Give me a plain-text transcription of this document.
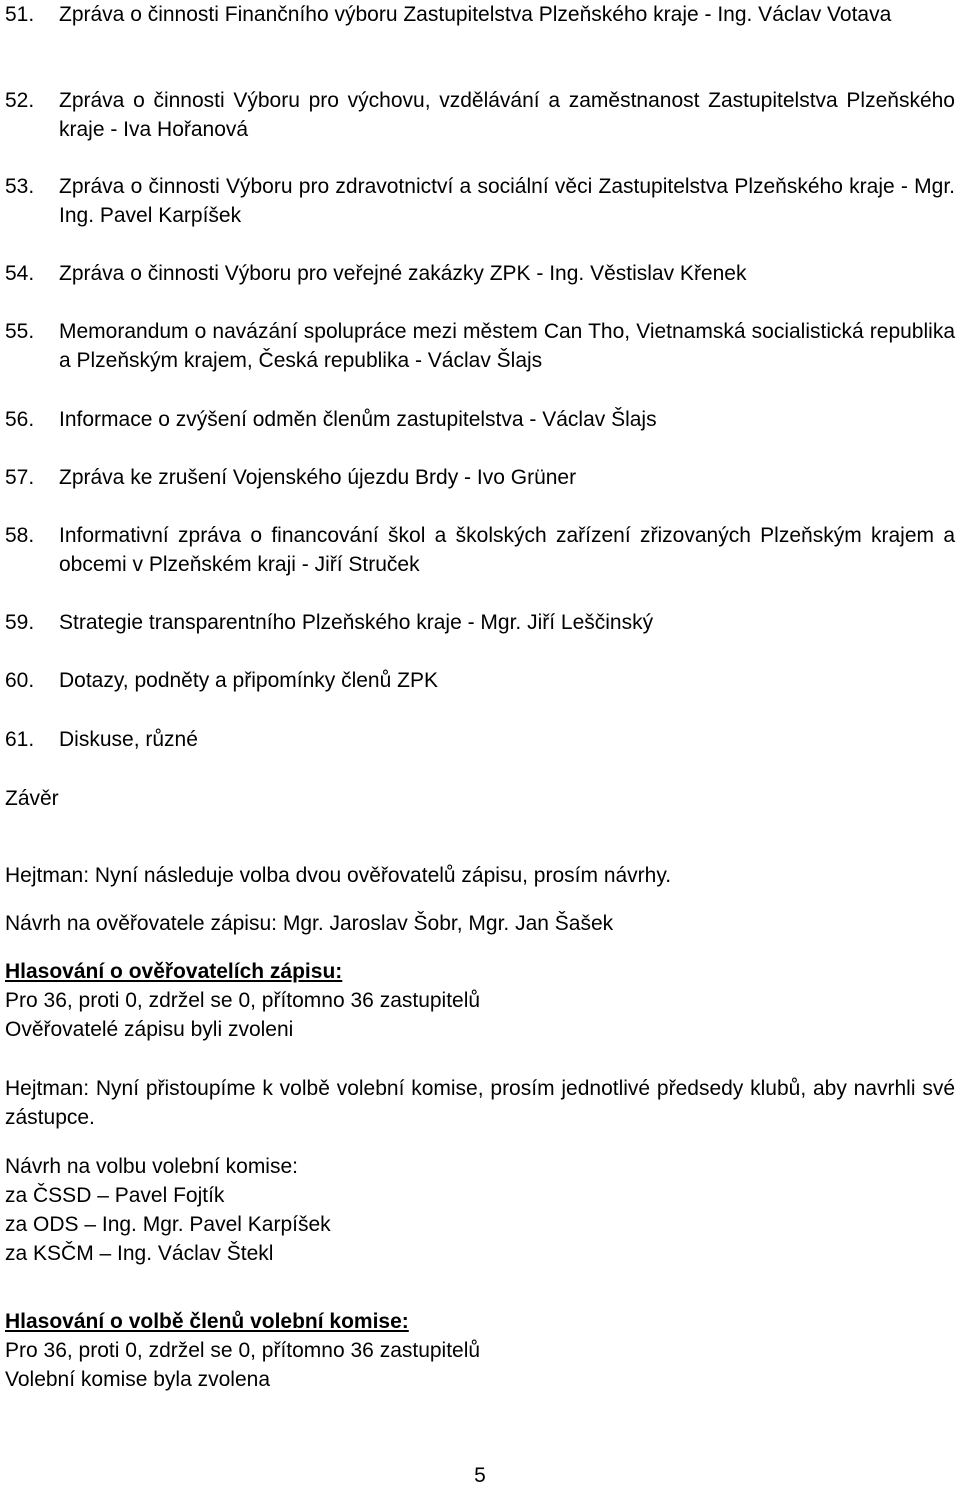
51.	Zpráva o činnosti Finančního výboru Zastupitelstva Plzeňského kraje - Ing. Václav Votava
52.	Zpráva o činnosti Výboru pro výchovu, vzdělávání a zaměstnanost Zastupitelstva Plzeňského kraje - Iva Hořanová
53.	Zpráva o činnosti Výboru pro zdravotnictví a sociální věci Zastupitelstva Plzeňského kraje - Mgr. Ing. Pavel Karpíšek
54.	Zpráva o činnosti Výboru pro veřejné zakázky ZPK - Ing. Věstislav Křenek
55.	Memorandum o navázání spolupráce mezi městem Can Tho, Vietnamská socialistická republika a Plzeňským krajem, Česká republika - Václav Šlajs
56.	Informace o zvýšení odměn členům zastupitelstva - Václav Šlajs
57.	Zpráva ke zrušení Vojenského újezdu Brdy - Ivo Grüner
58.	Informativní zpráva o financování škol a školských zařízení zřizovaných Plzeňským krajem a obcemi v Plzeňském kraji - Jiří Struček
59.	Strategie transparentního Plzeňského kraje - Mgr. Jiří Leščinský
60.	Dotazy, podněty a připomínky členů ZPK
61.	Diskuse, různé
Závěr
Hejtman: Nyní následuje volba dvou ověřovatelů zápisu, prosím návrhy.
Návrh na ověřovatele zápisu: Mgr. Jaroslav Šobr, Mgr. Jan Šašek
Hlasování o ověřovatelích zápisu:
Pro 36, proti 0, zdržel se 0, přítomno 36 zastupitelů
Ověřovatelé zápisu byli zvoleni
Hejtman: Nyní přistoupíme k volbě volební komise, prosím jednotlivé předsedy klubů, aby navrhli své zástupce.
Návrh na volbu volební komise:
za ČSSD – Pavel Fojtík
za ODS – Ing. Mgr. Pavel Karpíšek
za KSČM – Ing. Václav Štekl
Hlasování o volbě členů volební komise:
Pro 36, proti 0, zdržel se 0, přítomno 36 zastupitelů
Volební komise byla zvolena
5
